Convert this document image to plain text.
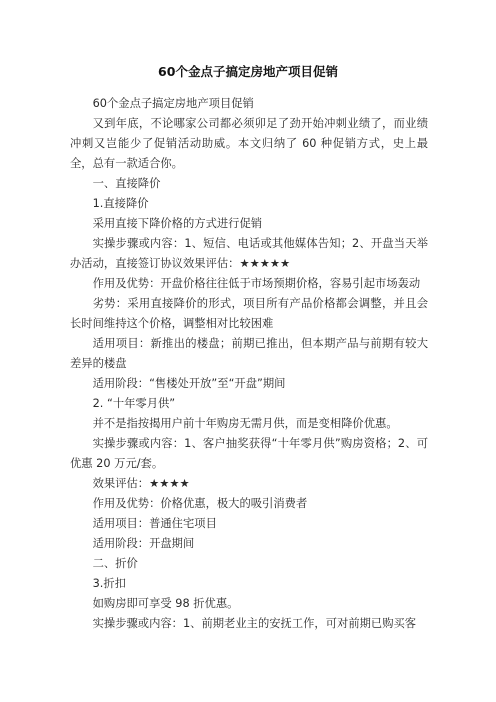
60个金点子搞定房地产项目促销

60个金点子搞定房地产项目促销

又到年底，不论哪家公司都必须卯足了劲开始冲刺业绩了，而业绩冲刺又岂能少了促销活动助威。本文归纳了 60 种促销方式，史上最全，总有一款适合你。

一、直接降价

1.直接降价

采用直接下降价格的方式进行促销

实操步骤或内容：1、短信、电话或其他媒体告知；2、开盘当天举办活动，直接签订协议效果评估：★★★★★

作用及优势：开盘价格往往低于市场预期价格，容易引起市场轰动

劣势：采用直接降价的形式，项目所有产品价格都会调整，并且会长时间维持这个价格，调整相对比较困难

适用项目：新推出的楼盘；前期已推出，但本期产品与前期有较大差异的楼盘

适用阶段：“售楼处开放”至“开盘”期间

2. “十年零月供”

并不是指按揭用户前十年购房无需月供，而是变相降价优惠。

实操步骤或内容：1、客户抽奖获得“十年零月供”购房资格；2、可优惠 20 万元/套。

效果评估：★★★★

作用及优势：价格优惠，极大的吸引消费者

适用项目：普通住宅项目

适用阶段：开盘期间

二、折价

3.折扣

如购房即可享受 98 折优惠。

实操步骤或内容：1、前期老业主的安抚工作，可对前期已购买客
